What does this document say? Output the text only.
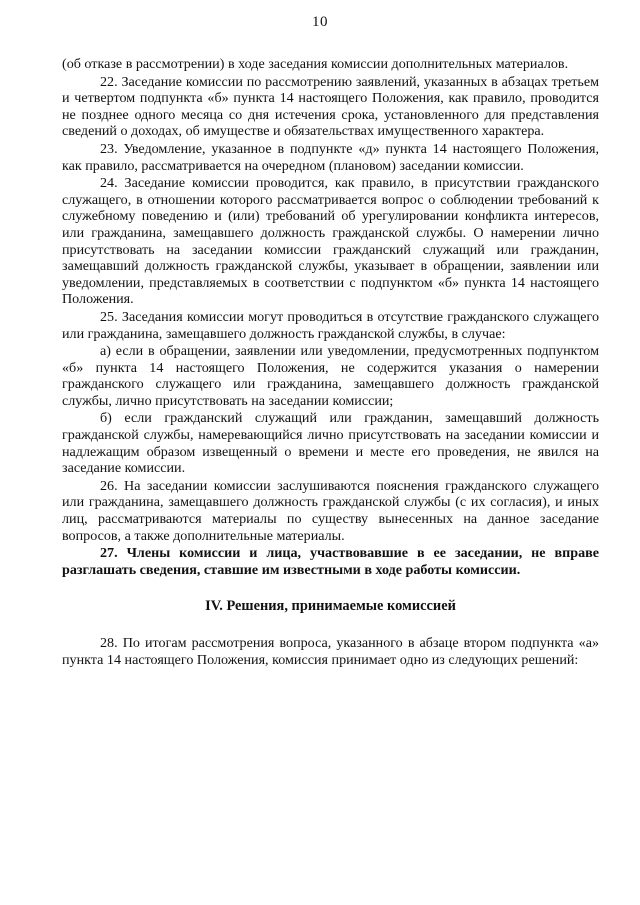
10

(об отказе в рассмотрении) в ходе заседания комиссии дополнительных материалов.

22. Заседание комиссии по рассмотрению заявлений, указанных в абзацах третьем и четвертом подпункта «б» пункта 14 настоящего Положения, как правило, проводится не позднее одного месяца со дня истечения срока, установленного для представления сведений о доходах, об имуществе и обязательствах имущественного характера.

23. Уведомление, указанное в подпункте «д» пункта 14 настоящего Положения, как правило, рассматривается на очередном (плановом) заседании комиссии.

24. Заседание комиссии проводится, как правило, в присутствии гражданского служащего, в отношении которого рассматривается вопрос о соблюдении требований к служебному поведению и (или) требований об урегулировании конфликта интересов, или гражданина, замещавшего должность гражданской службы. О намерении лично присутствовать на заседании комиссии гражданский служащий или гражданин, замещавший должность гражданской службы, указывает в обращении, заявлении или уведомлении, представляемых в соответствии с подпунктом «б» пункта 14 настоящего Положения.

25. Заседания комиссии могут проводиться в отсутствие гражданского служащего или гражданина, замещавшего должность гражданской службы, в случае:

а) если в обращении, заявлении или уведомлении, предусмотренных подпунктом «б» пункта 14 настоящего Положения, не содержится указания о намерении гражданского служащего или гражданина, замещавшего должность гражданской службы, лично присутствовать на заседании комиссии;

б) если гражданский служащий или гражданин, замещавший должность гражданской службы, намеревающийся лично присутствовать на заседании комиссии и надлежащим образом извещенный о времени и месте его проведения, не явился на заседание комиссии.

26. На заседании комиссии заслушиваются пояснения гражданского служащего или гражданина, замещавшего должность гражданской службы (с их согласия), и иных лиц, рассматриваются материалы по существу вынесенных на данное заседание вопросов, а также дополнительные материалы.

27. Члены комиссии и лица, участвовавшие в ее заседании, не вправе разглашать сведения, ставшие им известными в ходе работы комиссии.

IV. Решения, принимаемые комиссией

28. По итогам рассмотрения вопроса, указанного в абзаце втором подпункта «а» пункта 14 настоящего Положения, комиссия принимает одно из следующих решений:
